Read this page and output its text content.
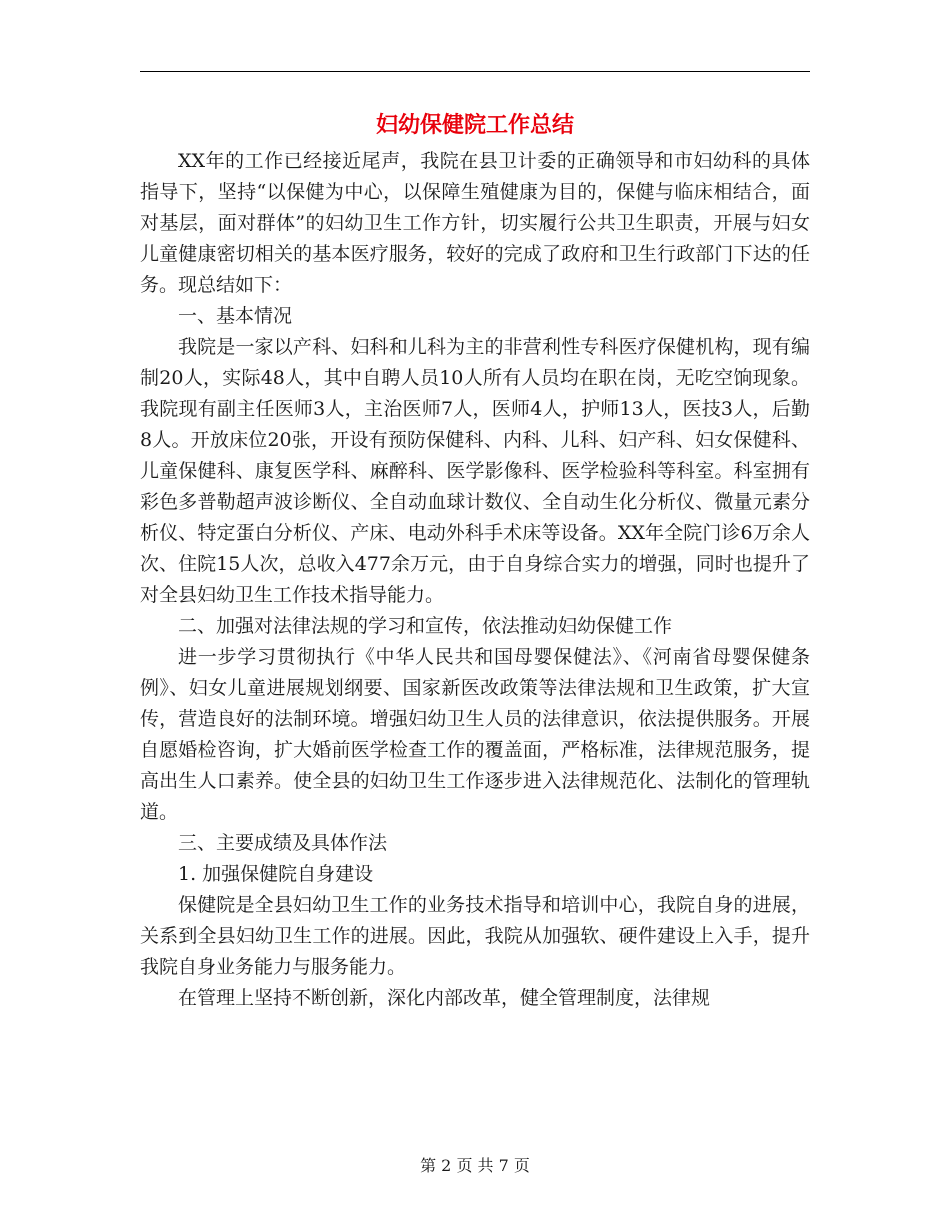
妇幼保健院工作总结

XX年的工作已经接近尾声，我院在县卫计委的正确领导和市妇幼科的具体指导下，坚持“以保健为中心，以保障生殖健康为目的，保健与临床相结合，面对基层，面对群体”的妇幼卫生工作方针，切实履行公共卫生职责，开展与妇女儿童健康密切相关的基本医疗服务，较好的完成了政府和卫生行政部门下达的任务。现总结如下：

一、基本情况

我院是一家以产科、妇科和儿科为主的非营利性专科医疗保健机构，现有编制20人，实际48人，其中自聘人员10人所有人员均在职在岗，无吃空饷现象。我院现有副主任医师3人，主治医师7人，医师4人，护师13人，医技3人，后勤8人。开放床位20张，开设有预防保健科、内科、儿科、妇产科、妇女保健科、儿童保健科、康复医学科、麻醉科、医学影像科、医学检验科等科室。科室拥有彩色多普勒超声波诊断仪、全自动血球计数仪、全自动生化分析仪、微量元素分析仪、特定蛋白分析仪、产床、电动外科手术床等设备。XX年全院门诊6万余人次、住院15人次，总收入477余万元，由于自身综合实力的增强，同时也提升了对全县妇幼卫生工作技术指导能力。

二、加强对法律法规的学习和宣传，依法推动妇幼保健工作

进一步学习贯彻执行《中华人民共和国母婴保健法》、《河南省母婴保健条例》、妇女儿童进展规划纲要、国家新医改政策等法律法规和卫生政策，扩大宣传，营造良好的法制环境。增强妇幼卫生人员的法律意识，依法提供服务。开展自愿婚检咨询，扩大婚前医学检查工作的覆盖面，严格标准，法律规范服务，提高出生人口素养。使全县的妇幼卫生工作逐步进入法律规范化、法制化的管理轨道。

三、主要成绩及具体作法

1. 加强保健院自身建设

保健院是全县妇幼卫生工作的业务技术指导和培训中心，我院自身的进展，关系到全县妇幼卫生工作的进展。因此，我院从加强软、硬件建设上入手，提升我院自身业务能力与服务能力。

在管理上坚持不断创新，深化内部改革，健全管理制度，法律规

第 2 页 共 7 页
